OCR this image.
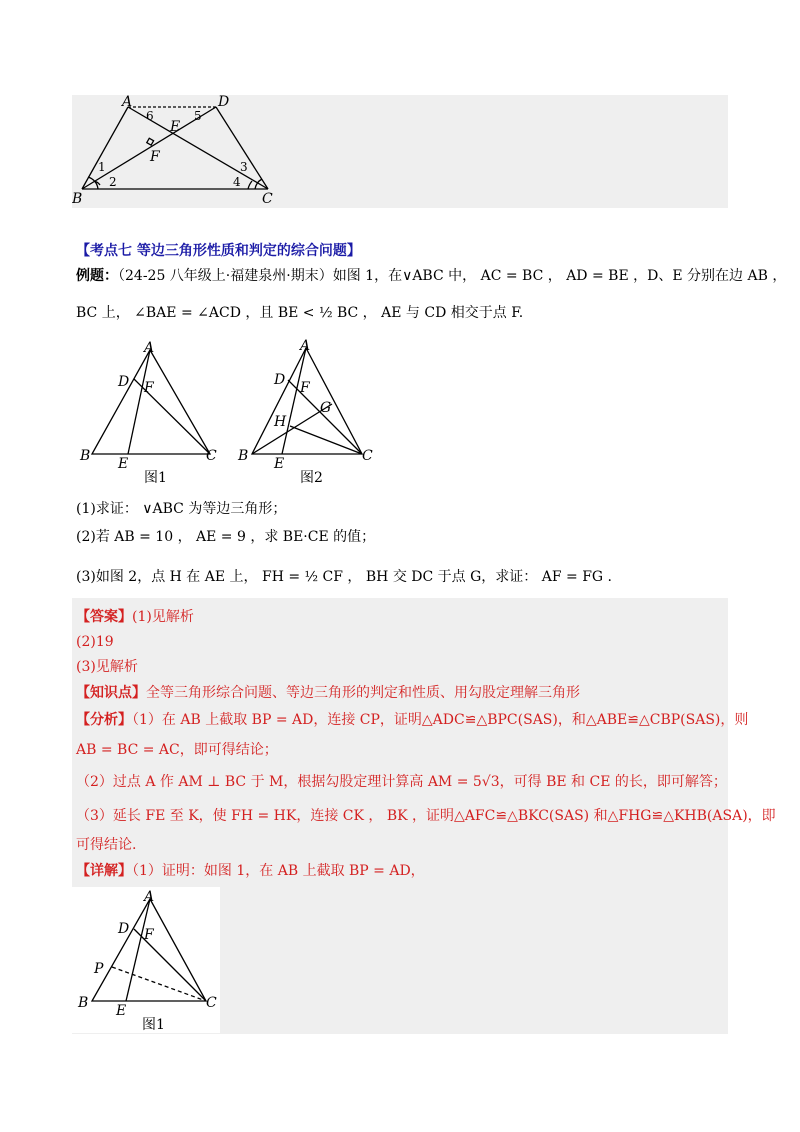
A	D
B	C
E
F
1
2
3
4
5
6
【考点七 等边三角形性质和判定的综合问题】
例题：（24-25 八年级上·福建泉州·期末）如图 1，在∨ABC 中， AC = BC ， AD = BE ，D、E 分别在边 AB ，
BC 上， ∠BAE = ∠ACD ，且 BE < ½ BC ， AE 与 CD 相交于点 F.
A
D F
B	C
E
图1
A
D F
G
H
B	C
E
图2
(1)求证： ∨ABC 为等边三角形；
(2)若 AB = 10 ， AE = 9 ，求 BE·CE 的值；
(3)如图 2，点 H 在 AE 上， FH = ½ CF ， BH 交 DC 于点 G，求证： AF = FG .
【答案】(1)见解析
(2)19
(3)见解析
【知识点】全等三角形综合问题、等边三角形的判定和性质、用勾股定理解三角形
【分析】（1）在 AB 上截取 BP = AD，连接 CP，证明△ADC≌△BPC(SAS)，和△ABE≌△CBP(SAS)，则
AB = BC = AC，即可得结论；
（2）过点 A 作 AM ⊥ BC 于 M，根据勾股定理计算高 AM = 5√3，可得 BE 和 CE 的长，即可解答；
（3）延长 FE 至 K，使 FH = HK，连接 CK ， BK ，证明△AFC≌△BKC(SAS) 和△FHG≌△KHB(ASA)，即
可得结论.
【详解】（1）证明：如图 1，在 AB 上截取 BP = AD，
A
D F
P
B	C
E
图1
